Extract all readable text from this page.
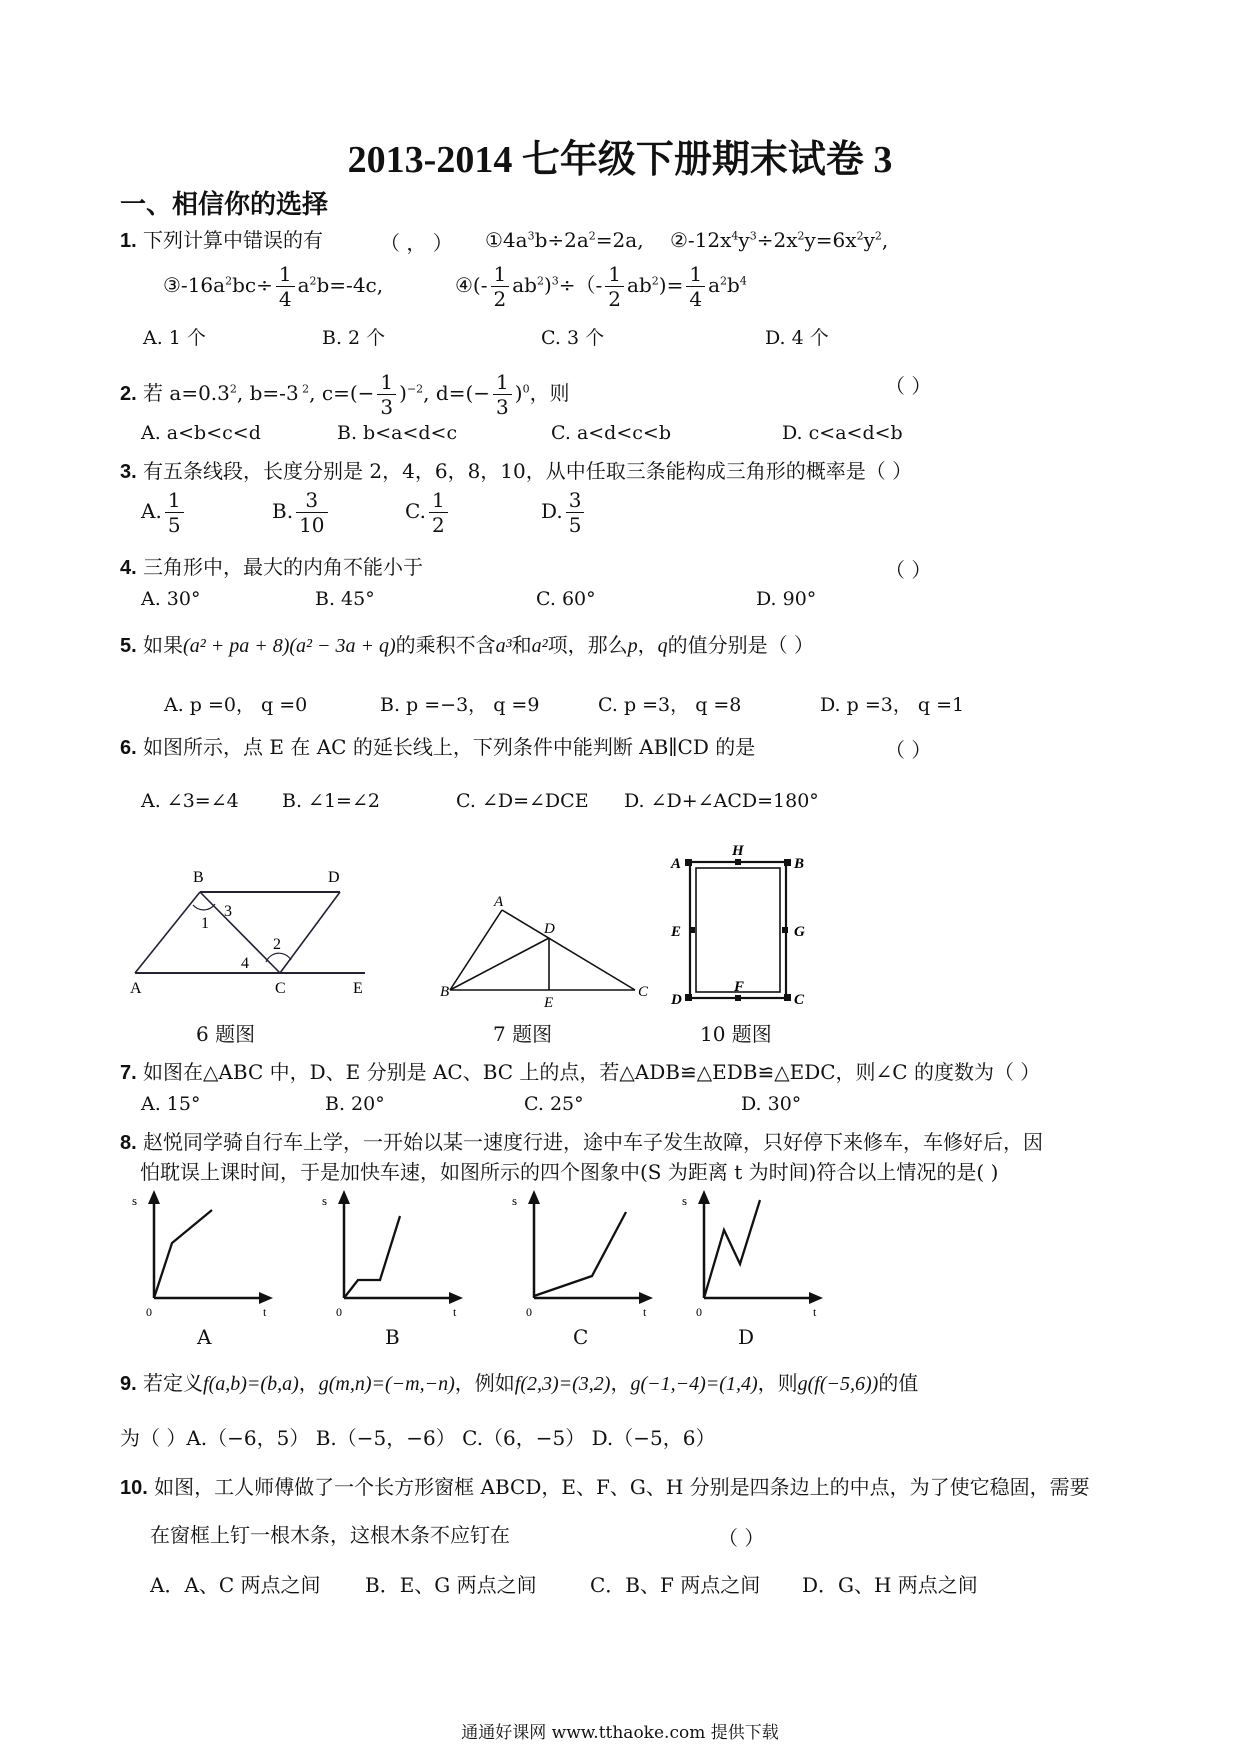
2013-2014 七年级下册期末试卷 3
一、相信你的选择
1. 下列计算中错误的有	（ ， ） $①4a^3b\div 2a^2=2a$, $②-12x^4y^3\div 2x^2y=6x^2y^2$,
$③-16a^2bc\div \frac{1}{4} a^2b=-4c$,	④(- $\frac{1}{2} ab^2)^3\div(- \frac{1}{2} ab^2)= \frac{1}{4} a^2b^4$
A. 1 个	B. 2 个	C. 3 个	D. 4 个
2. 若 $a=0.3^2$, b=-3 $^2$, $c=(- \frac{1}{3} )^{-2}$, $d=(- \frac{1}{3} )^0$，则	（ ）
A. a<b<c<d	B. b<a<d<c	C. a<d<c<b	D. c<a<d<b
3. 有五条线段，长度分别是 2，4，6，8，10，从中任取三条能构成三角形的概率是（ ）
A. $\frac{1}{5}$	B. $\frac{3}{10}$	C. $\frac{1}{2}$	D. $\frac{3}{5}$
4. 三角形中，最大的内角不能小于	（ ）
A. 30°	B. 45°	C. 60°	D. 90°
5. 如果(a² + pa + 8)(a² − 3a + q)的乘积不含a³和a²项，那么p，q的值分别是（ ）
A. p =0， q =0	B. p =−3， q =9	C. p =3， q =8	D. p =3， q =1
6. 如图所示，点 E 在 AC 的延长线上，下列条件中能判断 AB∥CD 的是	（ ）
A. ∠3=∠4 B. ∠1=∠2	C. ∠D=∠DCE D. ∠D+∠ACD=180°
B	D
A	C	E
1
2
3
4
6 题图
A
D
B
E
C
7 题图
A
H
B
E	G
D
F
C
10 题图
7. 如图在△ABC 中，D、E 分别是 AC、BC 上的点，若△ADB≌△EDB≌△EDC，则∠C 的度数为（ ）
A. 15°	B. 20°	C. 25°	D. 30°
8. 赵悦同学骑自行车上学，一开始以某一速度行进，途中车子发生故障，只好停下来修车，车修好后，因
怕耽误上课时间，于是加快车速，如图所示的四个图象中(S 为距离 t 为时间)符合以上情况的是( )
s
0	t
A
s
0	t
B
s
0	t
C
s
0	t
D
9. 若定义f(a,b)=(b,a)，g(m,n)=(−m,−n)，例如f(2,3)=(3,2)，g(−1,−4)=(1,4)，则g(f(−5,6))的值
为（ ）A.（−6，5） B.（−5，−6） C.（6，−5） D.（−5，6）
10. 如图，工人师傅做了一个长方形窗框 ABCD，E、F、G、H 分别是四条边上的中点，为了使它稳固，需要
在窗框上钉一根木条，这根木条不应钉在	（ ）
A．A、C 两点之间 B．E、G 两点之间	C．B、F 两点之间 D．G、H 两点之间
通通好课网 www.tthaoke.com 提供下载
